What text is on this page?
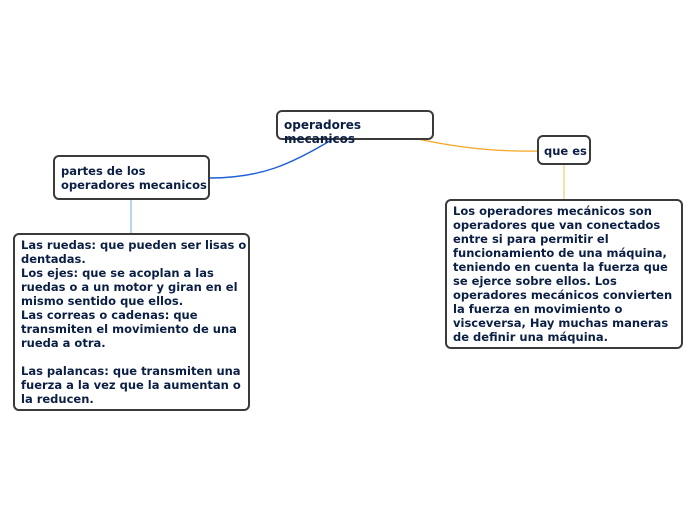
operadores mecanicos
partes de los
operadores mecanicos
que es
Las ruedas: que pueden ser lisas o
dentadas.
Los ejes: que se acoplan a las
ruedas o a un motor y giran en el
mismo sentido que ellos.
Las correas o cadenas: que
transmiten el movimiento de una
rueda a otra.

Las palancas: que transmiten una
fuerza a la vez que la aumentan o
la reducen.
Los operadores mecánicos son
operadores que van conectados
entre si para permitir el
funcionamiento de una máquina,
teniendo en cuenta la fuerza que
se ejerce sobre ellos. Los
operadores mecánicos convierten
la fuerza en movimiento o
visceversa, Hay muchas maneras
de definir una máquina.
